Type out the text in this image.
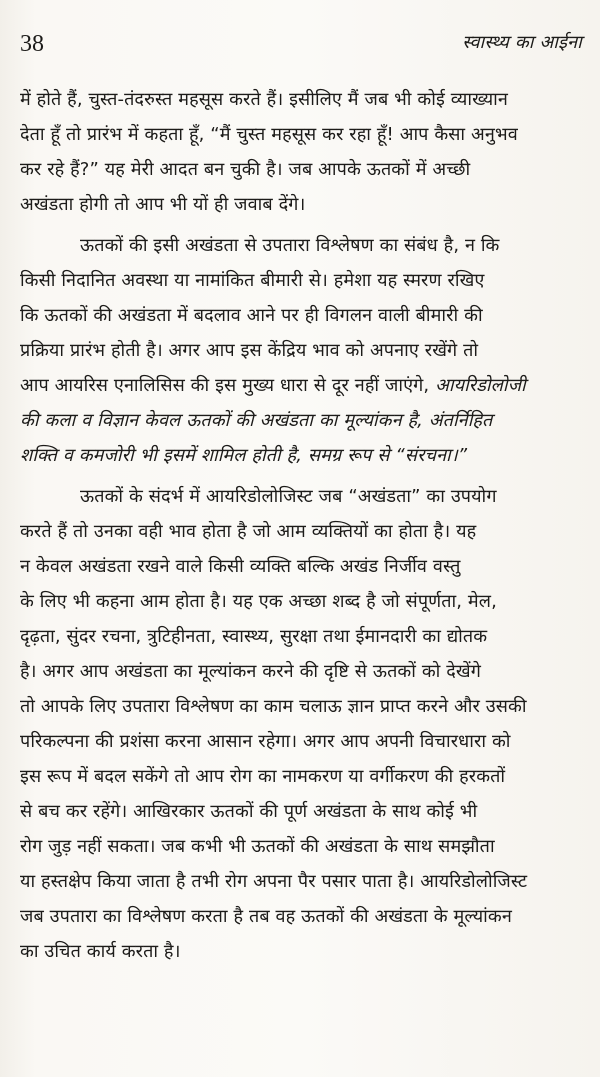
38	स्वास्थ्य का आईना

में होते हैं, चुस्त-तंदरुस्त महसूस करते हैं। इसीलिए मैं जब भी कोई व्याख्यान
देता हूँ तो प्रारंभ में कहता हूँ, “मैं चुस्त महसूस कर रहा हूँ! आप कैसा अनुभव
कर रहे हैं?” यह मेरी आदत बन चुकी है। जब आपके ऊतकों में अच्छी
अखंडता होगी तो आप भी यों ही जवाब देंगे।

ऊतकों की इसी अखंडता से उपतारा विश्लेषण का संबंध है, न कि
किसी निदानित अवस्था या नामांकित बीमारी से। हमेशा यह स्मरण रखिए
कि ऊतकों की अखंडता में बदलाव आने पर ही विगलन वाली बीमारी की
प्रक्रिया प्रारंभ होती है। अगर आप इस केंद्रिय भाव को अपनाए रखेंगे तो
आप आयरिस एनालिसिस की इस मुख्य धारा से दूर नहीं जाएंगे, आयरिडोलोजी
की कला व विज्ञान केवल ऊतकों की अखंडता का मूल्यांकन है, अंतर्निहित
शक्ति व कमजोरी भी इसमें शामिल होती है, समग्र रूप से “संरचना।”

ऊतकों के संदर्भ में आयरिडोलोजिस्ट जब “अखंडता” का उपयोग
करते हैं तो उनका वही भाव होता है जो आम व्यक्तियों का होता है। यह
न केवल अखंडता रखने वाले किसी व्यक्ति बल्कि अखंड निर्जीव वस्तु
के लिए भी कहना आम होता है। यह एक अच्छा शब्द है जो संपूर्णता, मेल,
दृढ़ता, सुंदर रचना, त्रुटिहीनता, स्वास्थ्य, सुरक्षा तथा ईमानदारी का द्योतक
है। अगर आप अखंडता का मूल्यांकन करने की दृष्टि से ऊतकों को देखेंगे
तो आपके लिए उपतारा विश्लेषण का काम चलाऊ ज्ञान प्राप्त करने और उसकी
परिकल्पना की प्रशंसा करना आसान रहेगा। अगर आप अपनी विचारधारा को
इस रूप में बदल सकेंगे तो आप रोग का नामकरण या वर्गीकरण की हरकतों
से बच कर रहेंगे। आखिरकार ऊतकों की पूर्ण अखंडता के साथ कोई भी
रोग जुड़ नहीं सकता। जब कभी भी ऊतकों की अखंडता के साथ समझौता
या हस्तक्षेप किया जाता है तभी रोग अपना पैर पसार पाता है। आयरिडोलोजिस्ट
जब उपतारा का विश्लेषण करता है तब वह ऊतकों की अखंडता के मूल्यांकन
का उचित कार्य करता है।
